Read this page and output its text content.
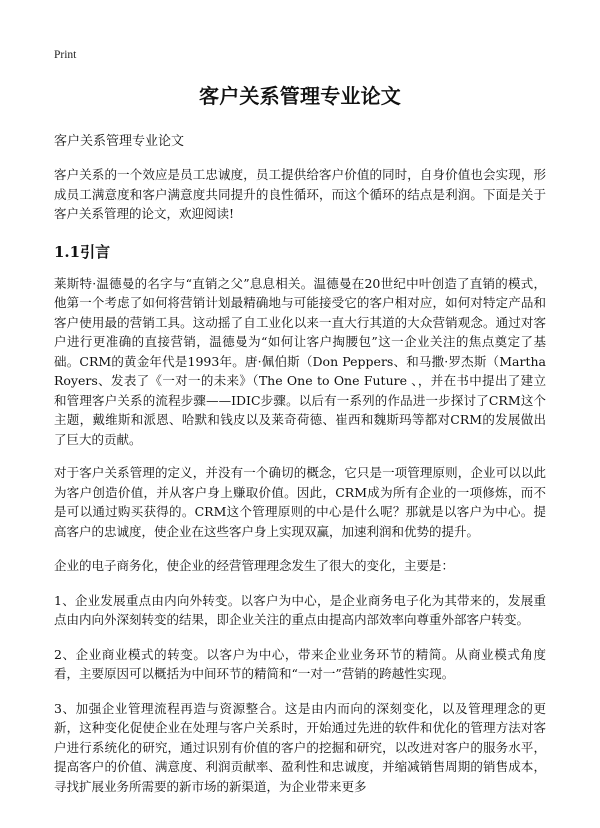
Print
客户关系管理专业论文
客户关系管理专业论文

客户关系的一个效应是员工忠诚度，员工提供给客户价值的同时，自身价值也会实现，形成员工满意度和客户满意度共同提升的良性循环，而这个循环的结点是利润。下面是关于客户关系管理的论文，欢迎阅读!

1.1引言

莱斯特·温德曼的名字与“直销之父”息息相关。温德曼在20世纪中叶创造了直销的模式，他第一个考虑了如何将营销计划最精确地与可能接受它的客户相对应，如何对特定产品和客户使用最的营销工具。这动摇了自工业化以来一直大行其道的大众营销观念。通过对客户进行更准确的直接营销，温德曼为“如何让客户掏腰包”这一企业关注的焦点奠定了基础。CRM的黄金年代是1993年。唐·佩伯斯（Don Peppers、和马撒·罗杰斯（Martha Royers、发表了《一对一的未来》（The One to One Future 、，并在书中提出了建立和管理客户关系的流程步骤——IDIC步骤。以后有一系列的作品进一步探讨了CRM这个主题，戴维斯和派恩、哈默和钱皮以及莱奇荷德、崔西和魏斯玛等都对CRM的发展做出了巨大的贡献。

对于客户关系管理的定义，并没有一个确切的概念，它只是一项管理原则，企业可以以此为客户创造价值，并从客户身上赚取价值。因此，CRM成为所有企业的一项修炼，而不是可以通过购买获得的。CRM这个管理原则的中心是什么呢？那就是以客户为中心。提高客户的忠诚度，使企业在这些客户身上实现双赢，加速利润和优势的提升。

企业的电子商务化，使企业的经营管理理念发生了很大的变化，主要是：

1、企业发展重点由内向外转变。以客户为中心，是企业商务电子化为其带来的，发展重点由内向外深刻转变的结果，即企业关注的重点由提高内部效率向尊重外部客户转变。

2、企业商业模式的转变。以客户为中心，带来企业业务环节的精简。从商业模式角度看，主要原因可以概括为中间环节的精简和“一对一”营销的跨越性实现。

3、加强企业管理流程再造与资源整合。这是由内而向的深刻变化，以及管理理念的更新，这种变化促使企业在处理与客户关系时，开始通过先进的软件和优化的管理方法对客户进行系统化的研究，通过识别有价值的客户的挖掘和研究，以改进对客户的服务水平，提高客户的价值、满意度、利润贡献率、盈利性和忠诚度，并缩减销售周期的销售成本，寻找扩展业务所需要的新市场的新渠道，为企业带来更多
